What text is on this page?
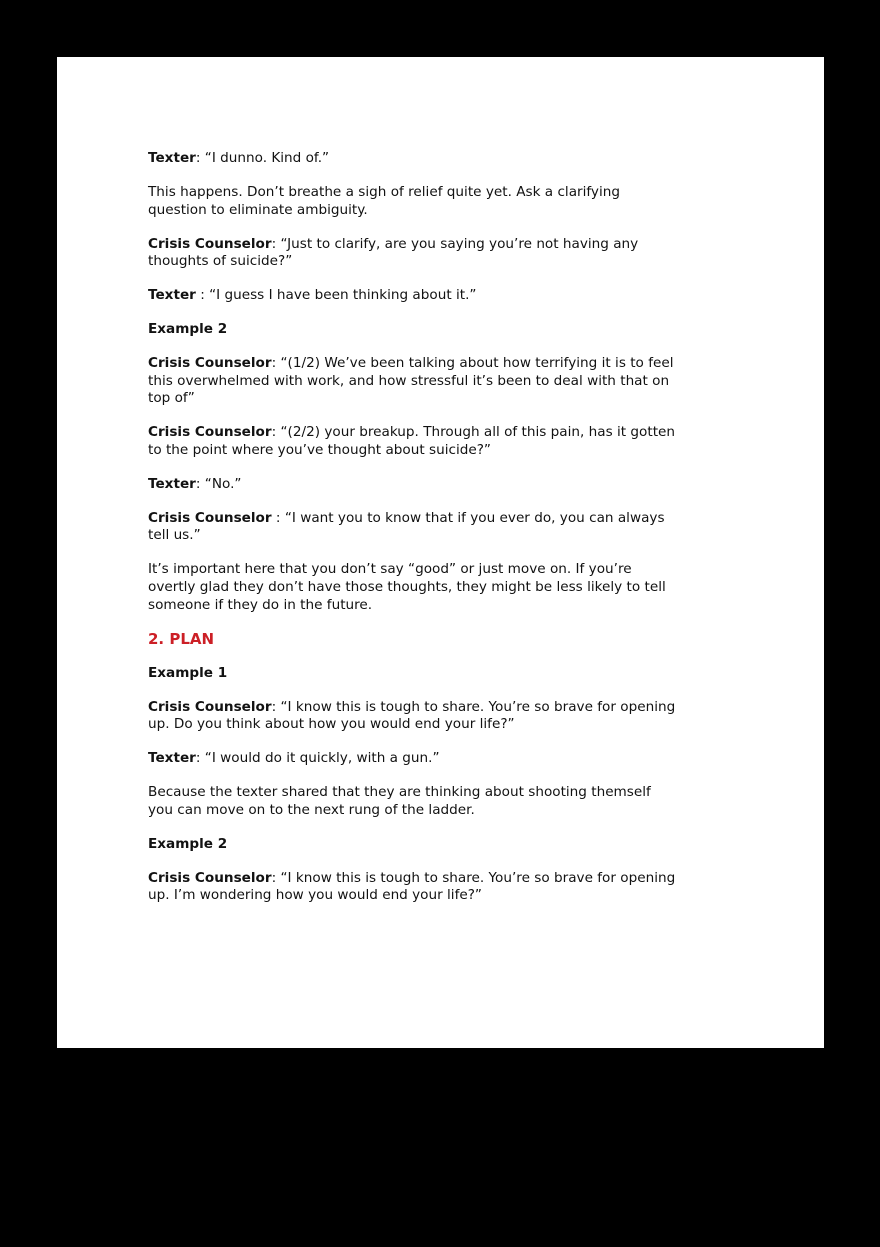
Texter: “I dunno. Kind of.”
This happens. Don’t breathe a sigh of relief quite yet. Ask a clarifying
question to eliminate ambiguity.
Crisis Counselor: “Just to clarify, are you saying you’re not having any
thoughts of suicide?”
Texter : “I guess I have been thinking about it.”
Example 2
Crisis Counselor: “(1/2) We’ve been talking about how terrifying it is to feel
this overwhelmed with work, and how stressful it’s been to deal with that on
top of”
Crisis Counselor: “(2/2) your breakup. Through all of this pain, has it gotten
to the point where you’ve thought about suicide?”
Texter: “No.”
Crisis Counselor : “I want you to know that if you ever do, you can always
tell us.”
It’s important here that you don’t say “good” or just move on. If you’re
overtly glad they don’t have those thoughts, they might be less likely to tell
someone if they do in the future.
2. PLAN
Example 1
Crisis Counselor: “I know this is tough to share. You’re so brave for opening
up. Do you think about how you would end your life?”
Texter: “I would do it quickly, with a gun.”
Because the texter shared that they are thinking about shooting themself
you can move on to the next rung of the ladder.
Example 2
Crisis Counselor: “I know this is tough to share. You’re so brave for opening
up. I’m wondering how you would end your life?”
